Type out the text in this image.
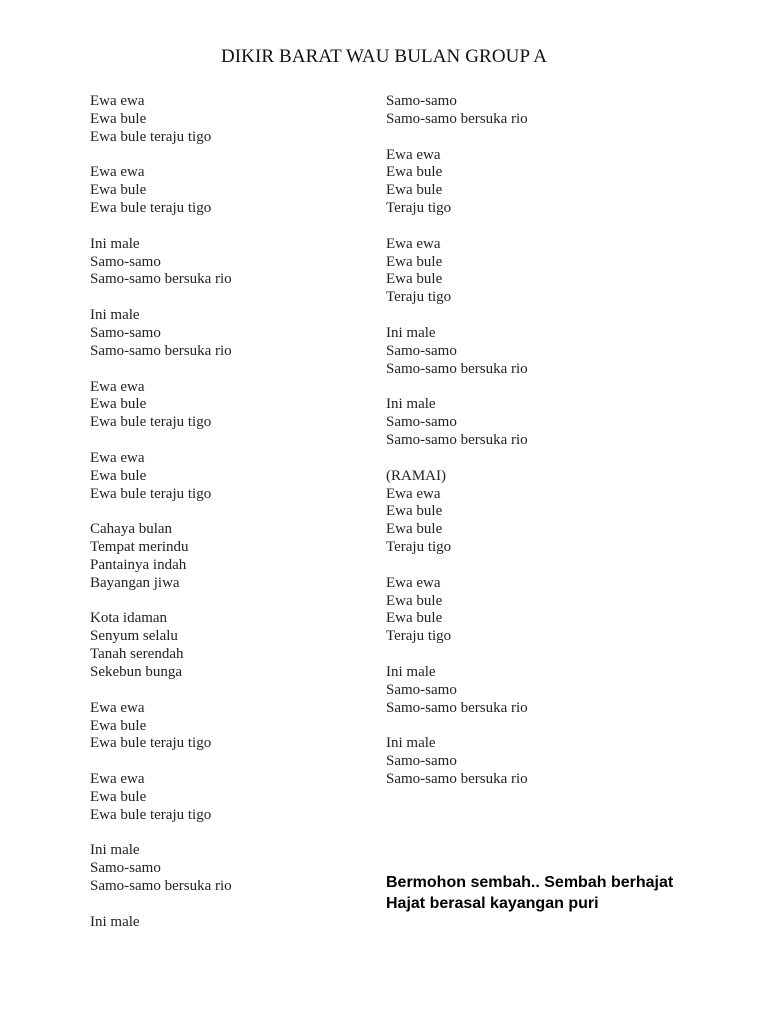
DIKIR BARAT WAU BULAN GROUP A
Ewa ewa
Ewa bule
Ewa bule teraju tigo
Ewa ewa
Ewa bule
Ewa bule teraju tigo
Ini male
Samo-samo
Samo-samo bersuka rio
Ini male
Samo-samo
Samo-samo bersuka rio
Ewa ewa
Ewa bule
Ewa bule teraju tigo
Ewa ewa
Ewa bule
Ewa bule teraju tigo
Cahaya bulan
Tempat merindu
Pantainya indah
Bayangan jiwa
Kota idaman
Senyum selalu
Tanah serendah
Sekebun bunga
Ewa ewa
Ewa bule
Ewa bule teraju tigo
Ewa ewa
Ewa bule
Ewa bule teraju tigo
Ini male
Samo-samo
Samo-samo bersuka rio
Ini male
Samo-samo
Samo-samo bersuka rio
Ewa ewa
Ewa bule
Ewa bule
Teraju tigo
Ewa ewa
Ewa bule
Ewa bule
Teraju tigo
Ini male
Samo-samo
Samo-samo bersuka rio
Ini male
Samo-samo
Samo-samo bersuka rio
(RAMAI)
Ewa ewa
Ewa bule
Ewa bule
Teraju tigo
Ewa ewa
Ewa bule
Ewa bule
Teraju tigo
Ini male
Samo-samo
Samo-samo bersuka rio
Ini male
Samo-samo
Samo-samo bersuka rio
Bermohon sembah.. Sembah berhajat
Hajat berasal kayangan puri
